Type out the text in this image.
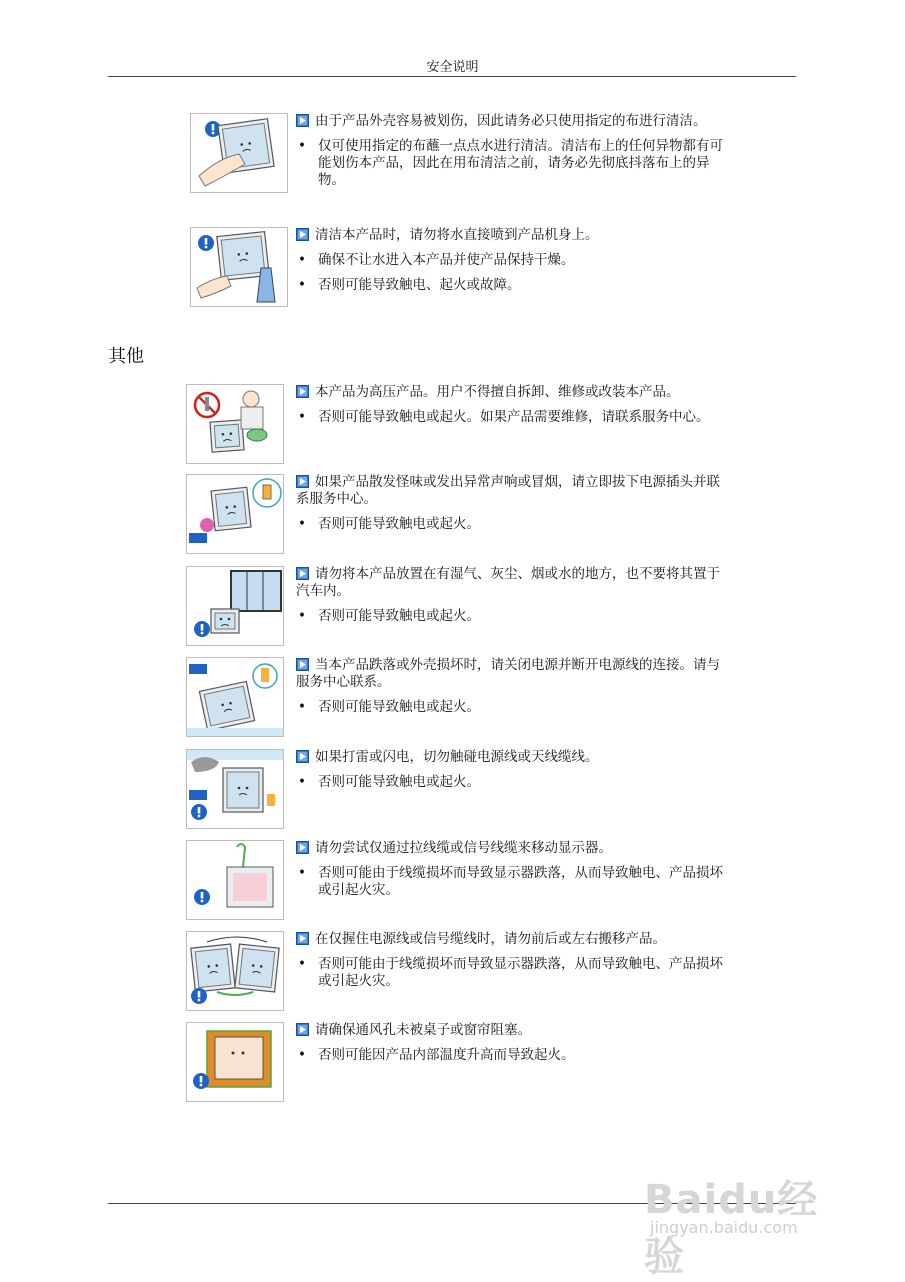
安全说明
其他

由于产品外壳容易被划伤，因此请务必只使用指定的布进行清洁。

• 仅可使用指定的布蘸一点点水进行清洁。清洁布上的任何异物都有可能划伤本产品，因此在用布清洁之前，请务必先彻底抖落布上的异物。

清洁本产品时，请勿将水直接喷到产品机身上。

• 确保不让水进入本产品并使产品保持干燥。

• 否则可能导致触电、起火或故障。

本产品为高压产品。用户不得擅自拆卸、维修或改装本产品。

• 否则可能导致触电或起火。如果产品需要维修，请联系服务中心。

如果产品散发怪味或发出异常声响或冒烟，请立即拔下电源插头并联系服务中心。

• 否则可能导致触电或起火。

请勿将本产品放置在有湿气、灰尘、烟或水的地方，也不要将其置于汽车内。

• 否则可能导致触电或起火。

当本产品跌落或外壳损坏时，请关闭电源并断开电源线的连接。请与服务中心联系。

• 否则可能导致触电或起火。

如果打雷或闪电，切勿触碰电源线或天线缆线。

• 否则可能导致触电或起火。

请勿尝试仅通过拉线缆或信号线缆来移动显示器。

• 否则可能由于线缆损坏而导致显示器跌落，从而导致触电、产品损坏或引起火灾。

在仅握住电源线或信号缆线时，请勿前后或左右搬移产品。

• 否则可能由于线缆损坏而导致显示器跌落，从而导致触电、产品损坏或引起火灾。

请确保通风孔未被桌子或窗帘阻塞。

• 否则可能因产品内部温度升高而导致起火。

Baidu经验
jingyan.baidu.com
